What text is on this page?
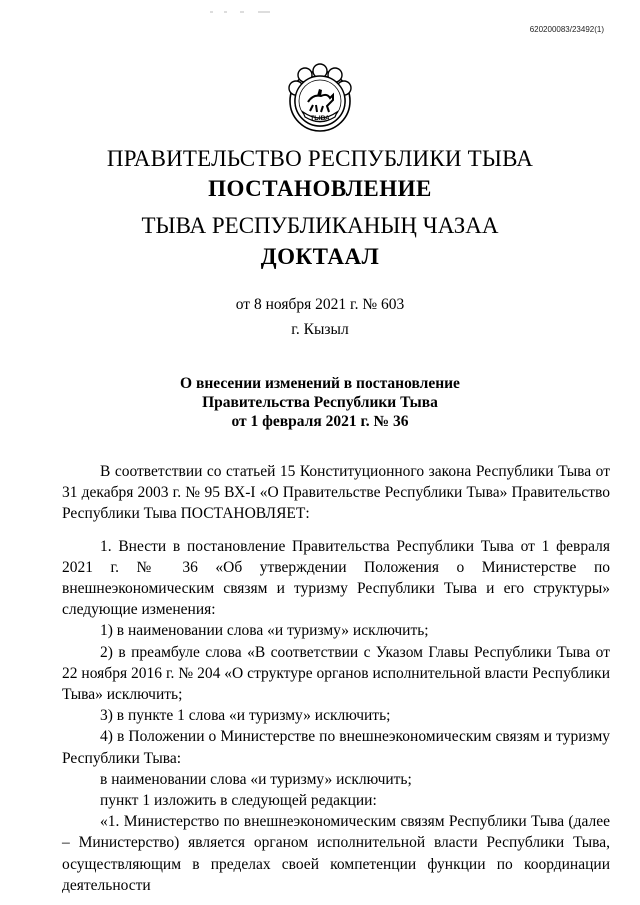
620200083/23492(1)
ТЫВА
ПРАВИТЕЛЬСТВО РЕСПУБЛИКИ ТЫВА
ПОСТАНОВЛЕНИЕ
ТЫВА РЕСПУБЛИКАНЫҢ ЧАЗАА
ДОКТААЛ
от 8 ноября 2021 г. № 603
г. Кызыл
О внесении изменений в постановление
Правительства Республики Тыва
от 1 февраля 2021 г. № 36

В соответствии со статьей 15 Конституционного закона Республики Тыва от 31 декабря 2003 г. № 95 ВХ-I «О Правительстве Республики Тыва» Правительство Республики Тыва ПОСТАНОВЛЯЕТ:

1. Внести в постановление Правительства Республики Тыва от 1 февраля 2021 г. № 36 «Об утверждении Положения о Министерстве по внешнеэкономическим связям и туризму Республики Тыва и его структуры» следующие изменения:

1) в наименовании слова «и туризму» исключить;

2) в преамбуле слова «В соответствии с Указом Главы Республики Тыва от 22 ноября 2016 г. № 204 «О структуре органов исполнительной власти Республики Тыва» исключить;

3) в пункте 1 слова «и туризму» исключить;

4) в Положении о Министерстве по внешнеэкономическим связям и туризму Республики Тыва:

в наименовании слова «и туризму» исключить;

пункт 1 изложить в следующей редакции:

«1. Министерство по внешнеэкономическим связям Республики Тыва (далее – Министерство) является органом исполнительной власти Республики Тыва, осуществляющим в пределах своей компетенции функции по координации деятельности
